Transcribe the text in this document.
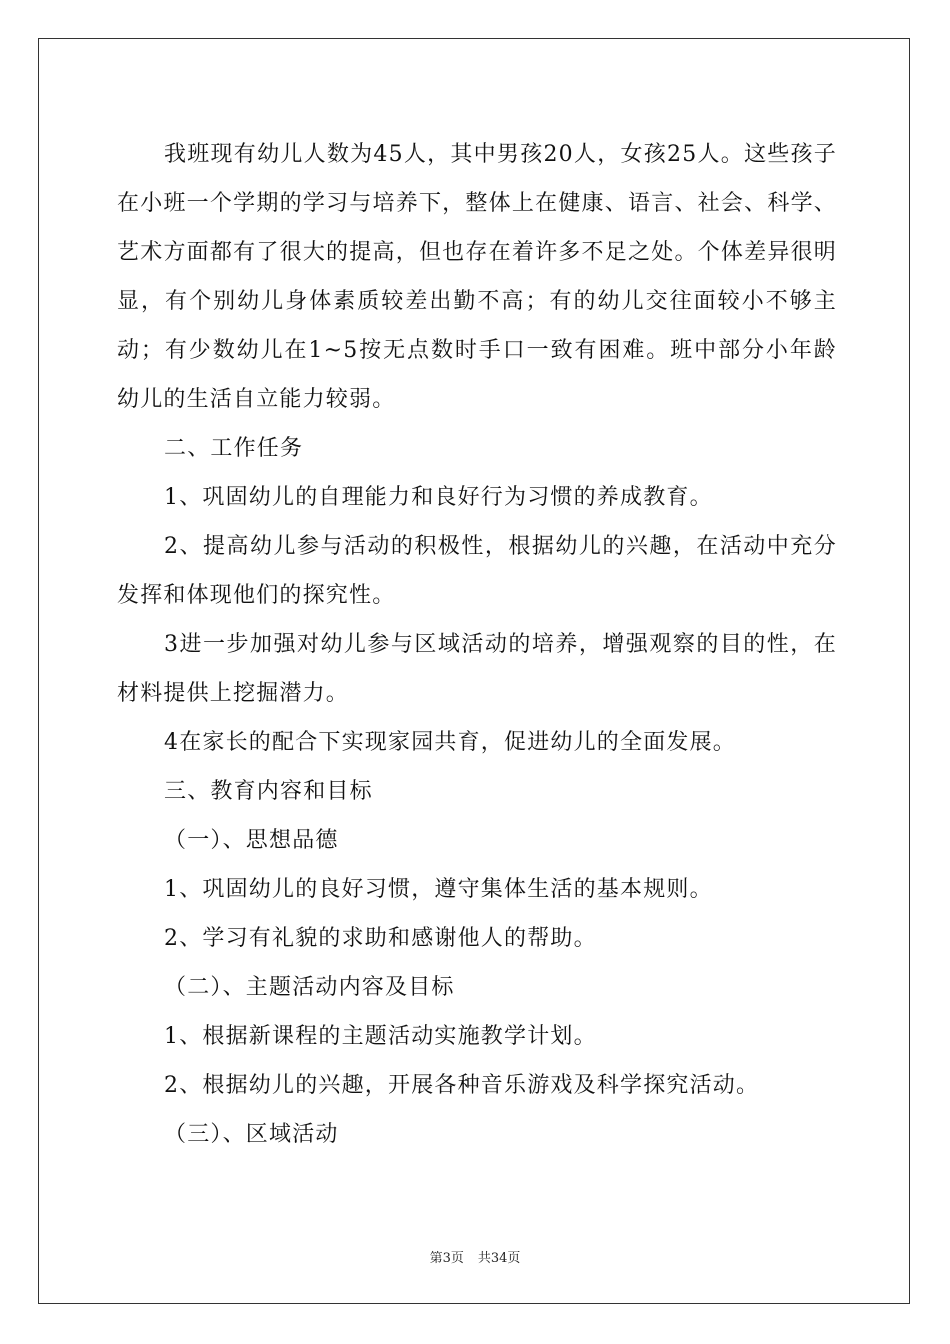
我班现有幼儿人数为45人，其中男孩20人，女孩25人。这些孩子在小班一个学期的学习与培养下，整体上在健康、语言、社会、科学、艺术方面都有了很大的提高，但也存在着许多不足之处。个体差异很明显，有个别幼儿身体素质较差出勤不高；有的幼儿交往面较小不够主动；有少数幼儿在1~5按无点数时手口一致有困难。班中部分小年龄幼儿的生活自立能力较弱。

二、工作任务

1、巩固幼儿的自理能力和良好行为习惯的养成教育。

2、提高幼儿参与活动的积极性，根据幼儿的兴趣，在活动中充分发挥和体现他们的探究性。

3进一步加强对幼儿参与区域活动的培养，增强观察的目的性，在材料提供上挖掘潜力。

4在家长的配合下实现家园共育，促进幼儿的全面发展。

三、教育内容和目标

（一）、思想品德

1、巩固幼儿的良好习惯，遵守集体生活的基本规则。

2、学习有礼貌的求助和感谢他人的帮助。

（二）、主题活动内容及目标

1、根据新课程的主题活动实施教学计划。

2、根据幼儿的兴趣，开展各种音乐游戏及科学探究活动。

（三）、区域活动

第3页 共34页
